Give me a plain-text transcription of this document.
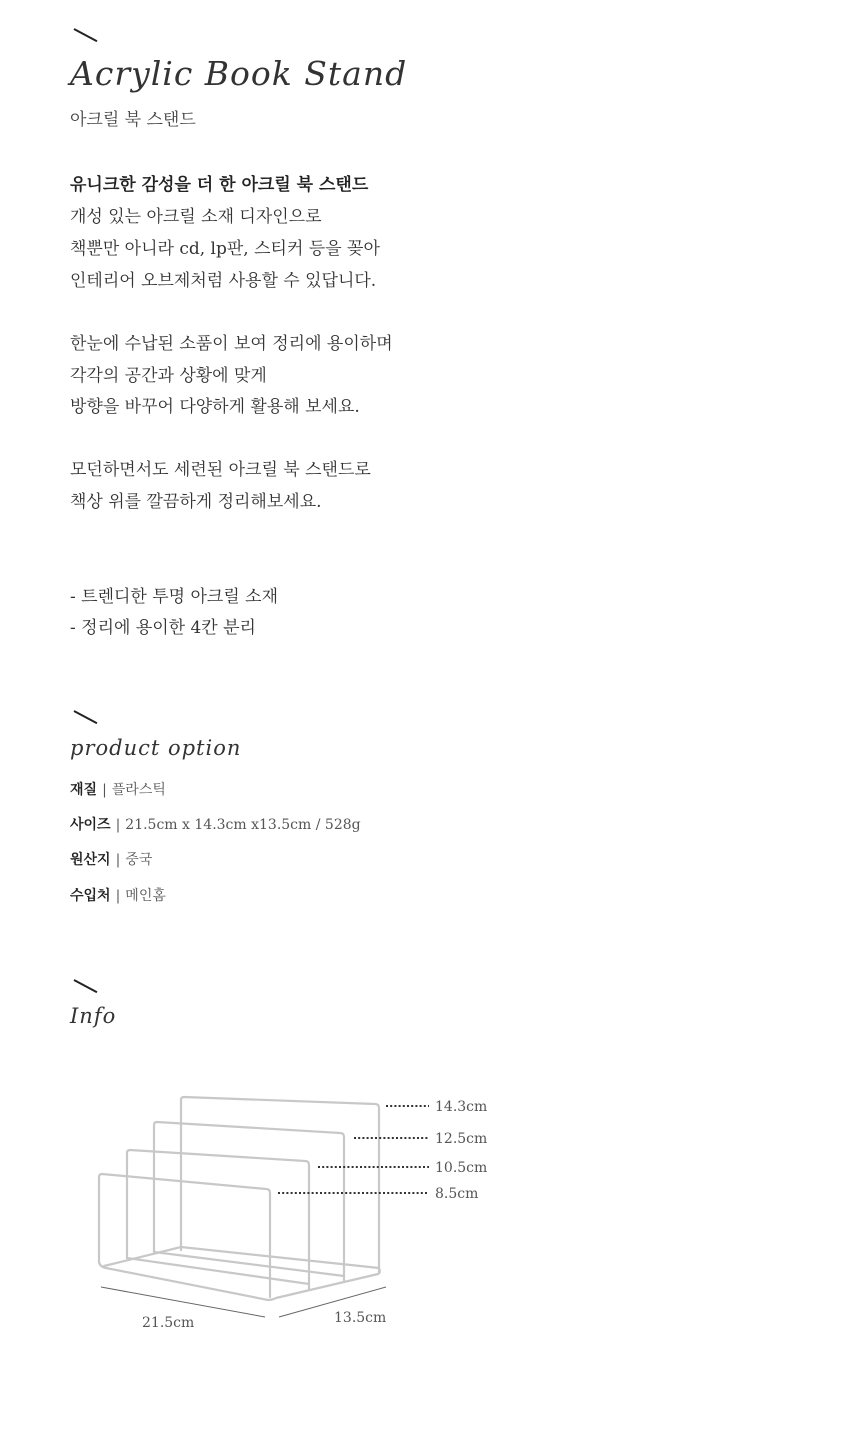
Acrylic Book Stand
아크릴 북 스탠드
유니크한 감성을 더 한 아크릴 북 스탠드
개성 있는 아크릴 소재 디자인으로
책뿐만 아니라 cd, lp판, 스티커 등을 꽂아
인테리어 오브제처럼 사용할 수 있답니다.
한눈에 수납된 소품이 보여 정리에 용이하며
각각의 공간과 상황에 맞게
방향을 바꾸어 다양하게 활용해 보세요.
모던하면서도 세련된 아크릴 북 스탠드로
책상 위를 깔끔하게 정리해보세요.
- 트렌디한 투명 아크릴 소재
- 정리에 용이한 4칸 분리
product option
재질 | 플라스틱
사이즈 | 21.5cm x 14.3cm x13.5cm / 528g
원산지 | 중국
수입처 | 메인홈
Info
14.3cm
12.5cm
10.5cm
8.5cm
21.5cm	13.5cm
